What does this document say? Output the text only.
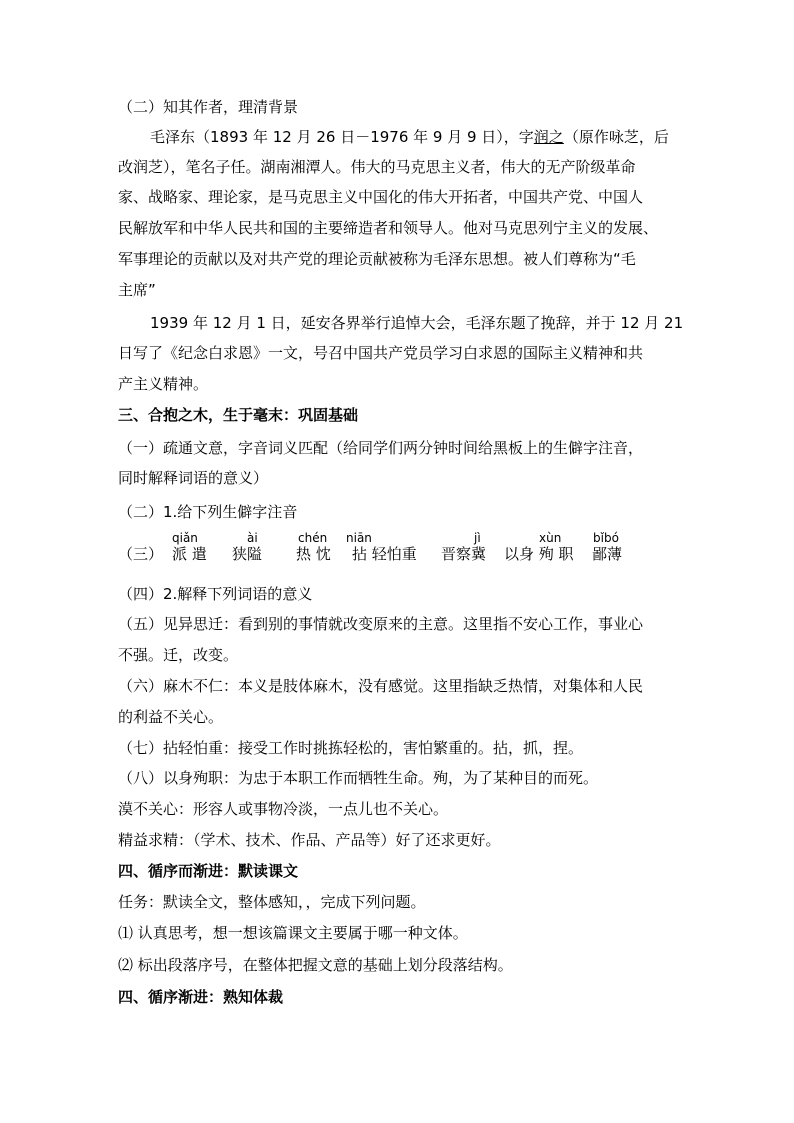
（二）知其作者，理清背景
毛泽东（1893 年 12 月 26 日－1976 年 9 月 9 日），字润之（原作咏芝，后
改润芝），笔名子任。湖南湘潭人。伟大的马克思主义者，伟大的无产阶级革命
家、战略家、理论家，是马克思主义中国化的伟大开拓者，中国共产党、中国人
民解放军和中华人民共和国的主要缔造者和领导人。他对马克思列宁主义的发展、
军事理论的贡献以及对共产党的理论贡献被称为毛泽东思想。被人们尊称为“毛
主席”
1939 年 12 月 1 日，延安各界举行追悼大会，毛泽东题了挽辞，并于 12 月 21
日写了《纪念白求恩》一文，号召中国共产党员学习白求恩的国际主义精神和共
产主义精神。
三、合抱之木，生于毫末：巩固基础
（一）疏通文意，字音词义匹配（给同学们两分钟时间给黑板上的生僻字注音，
同时解释词语的意义）
（二）1.给下列生僻字注音
qiǎn	ài	chén niān	jì	xùn	bǐbó
（三） 派 遣 狭隘 热 忱 拈 轻怕重 晋察冀 以身 殉 职 鄙薄
（四）2.解释下列词语的意义
（五）见异思迁：看到别的事情就改变原来的主意。这里指不安心工作，事业心
不强。迁，改变。
（六）麻木不仁：本义是肢体麻木，没有感觉。这里指缺乏热情，对集体和人民
的利益不关心。
（七）拈轻怕重：接受工作时挑拣轻松的，害怕繁重的。拈，抓，捏。
（八）以身殉职：为忠于本职工作而牺牲生命。殉，为了某种目的而死。
漠不关心：形容人或事物冷淡，一点儿也不关心。
精益求精：（学术、技术、作品、产品等）好了还求更好。
四、循序而渐进：默读课文
任务：默读全文，整体感知，，完成下列问题。
⑴ 认真思考，想一想该篇课文主要属于哪一种文体。
⑵ 标出段落序号，在整体把握文意的基础上划分段落结构。
四、循序渐进：熟知体裁
